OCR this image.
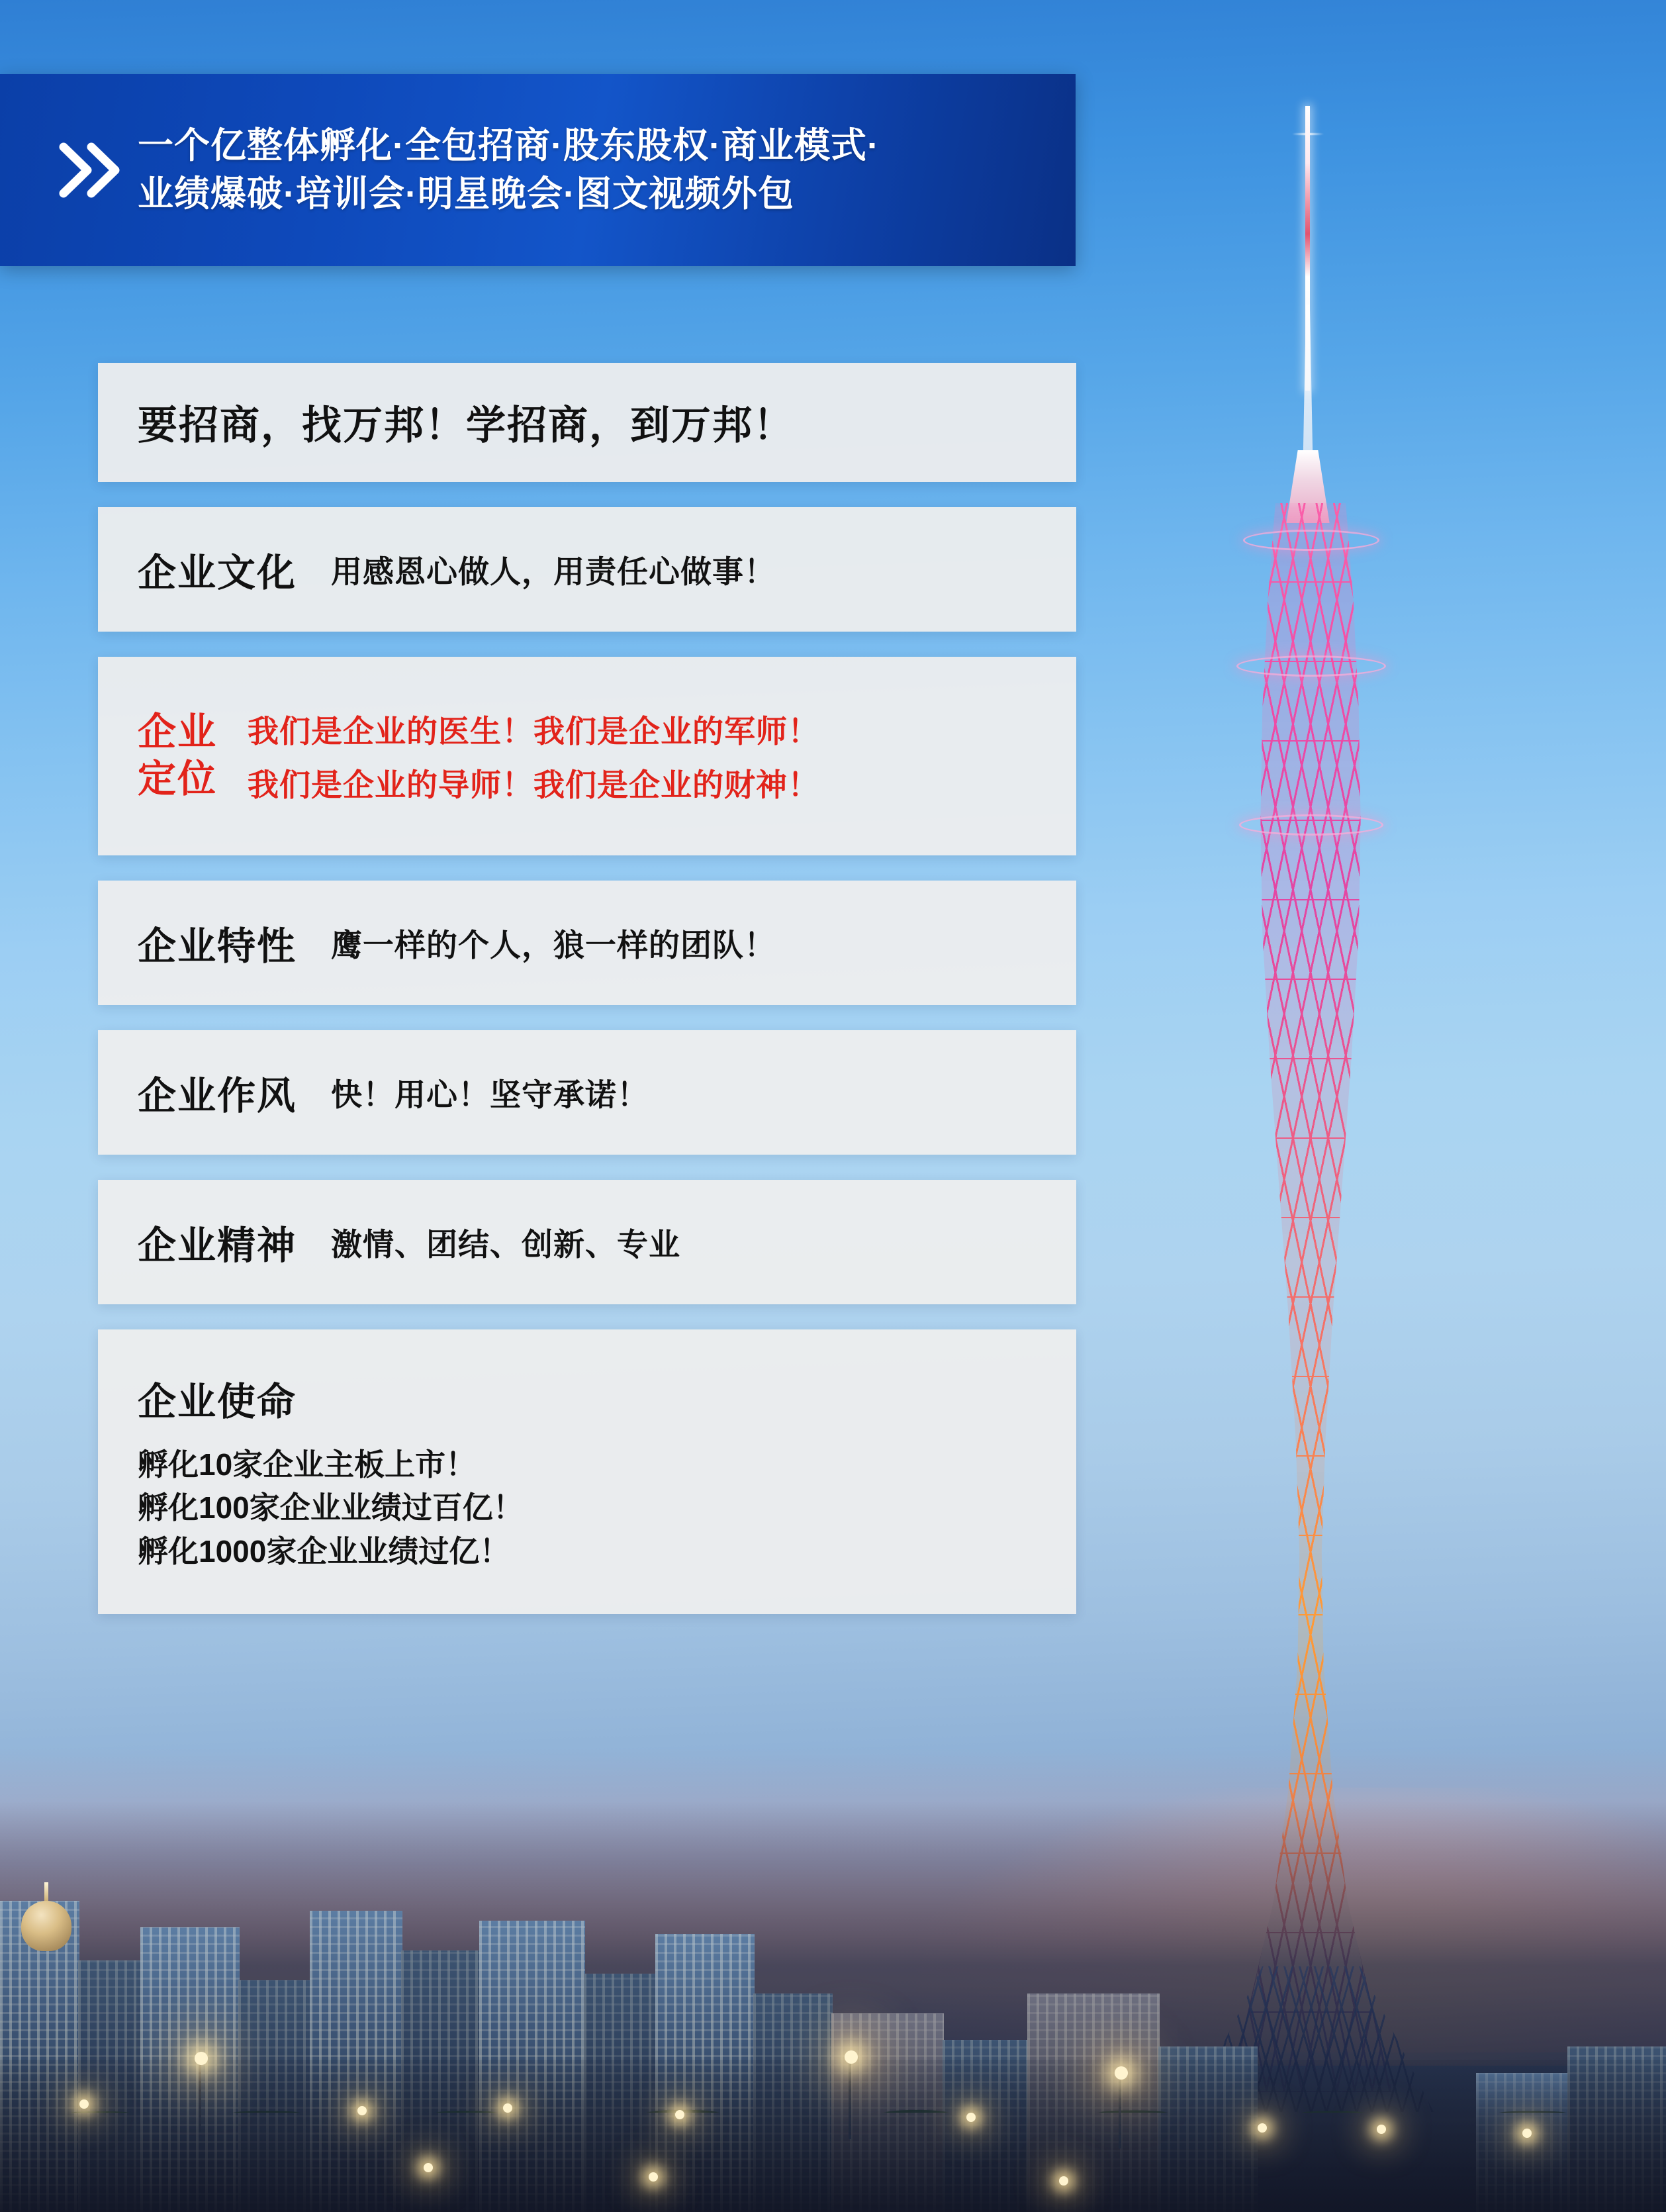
一个亿整体孵化·全包招商·股东股权·商业模式·
业绩爆破·培训会·明星晚会·图文视频外包
要招商，找万邦！学招商，到万邦！
企业文化 用感恩心做人，用责任心做事！
企业
定位
我们是企业的医生！我们是企业的军师！
我们是企业的导师！我们是企业的财神！
企业特性 鹰一样的个人，狼一样的团队！
企业作风 快！用心！坚守承诺！
企业精神 激情、团结、创新、专业
企业使命
孵化10家企业主板上市！
孵化100家企业业绩过百亿！
孵化1000家企业业绩过亿！
